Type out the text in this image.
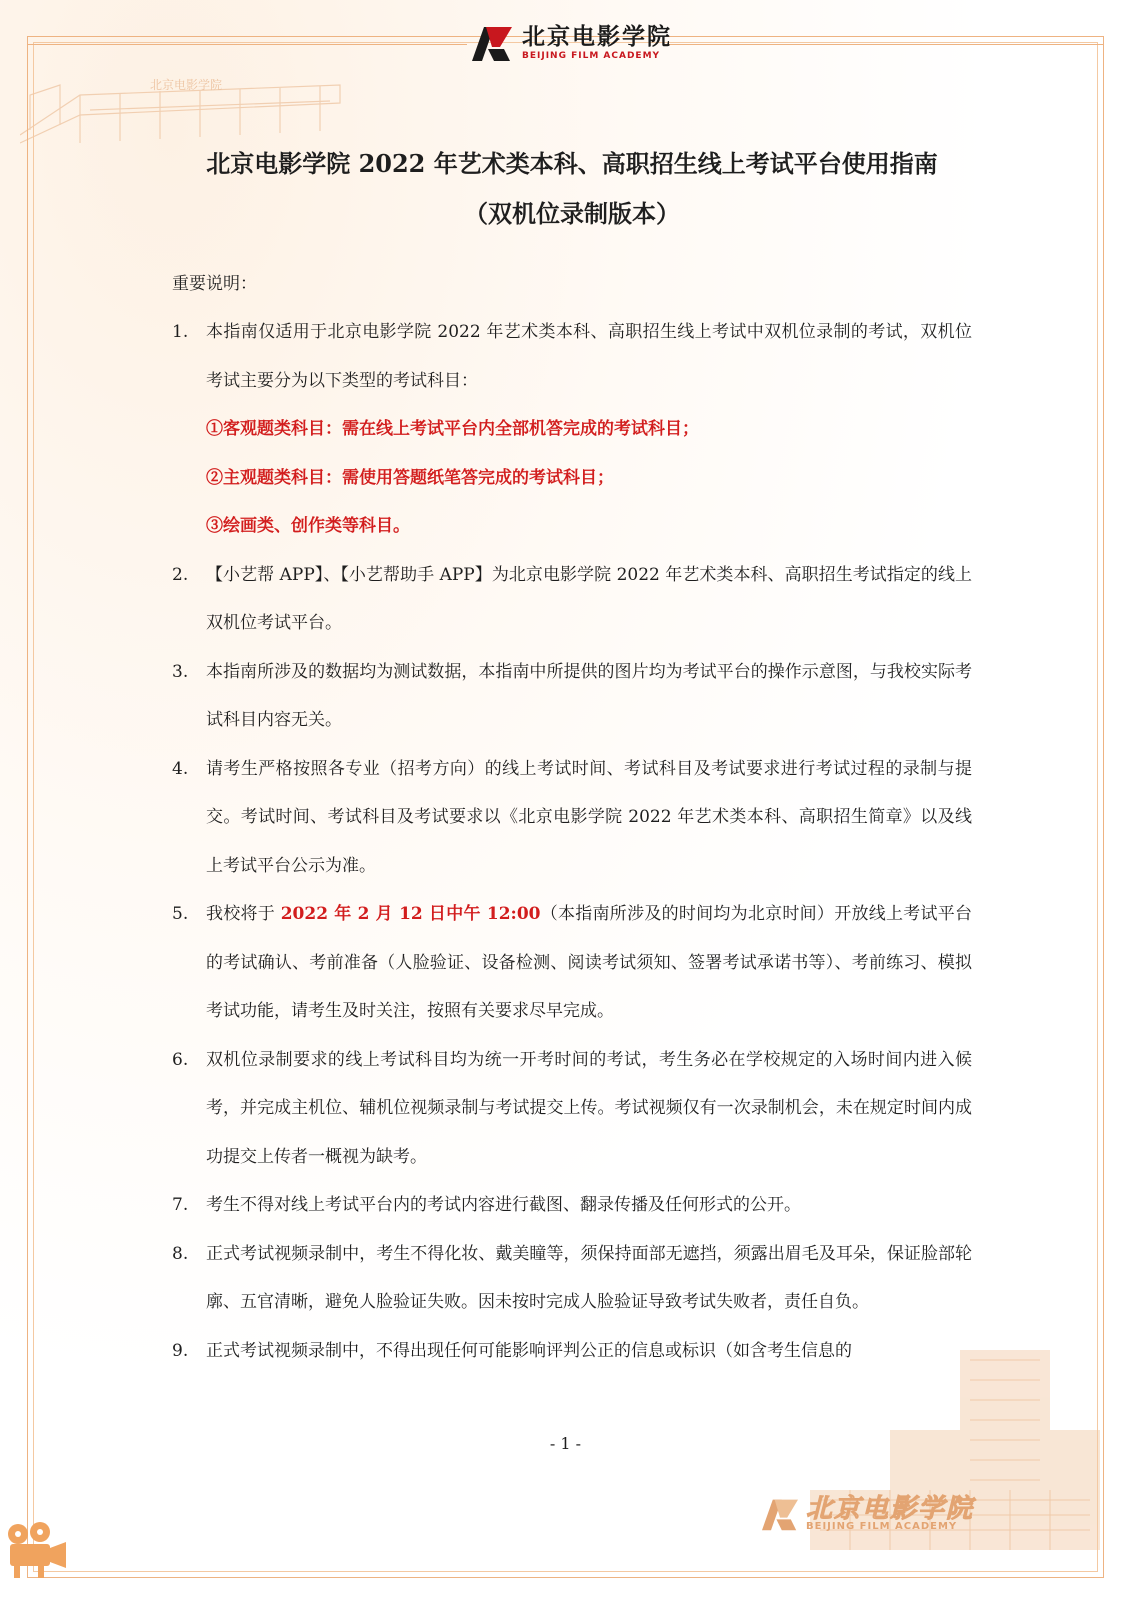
北京电影学院
北京电影学院
BEIJING FILM ACADEMY
北京电影学院 2022 年艺术类本科、高职招生线上考试平台使用指南
（双机位录制版本）
重要说明：
1. 本指南仅适用于北京电影学院 2022 年艺术类本科、高职招生线上考试中双机位录制的考试，双机位考试主要分为以下类型的考试科目：
①客观题类科目：需在线上考试平台内全部机答完成的考试科目；
②主观题类科目：需使用答题纸笔答完成的考试科目；
③绘画类、创作类等科目。
2. 【小艺帮 APP】、【小艺帮助手 APP】为北京电影学院 2022 年艺术类本科、高职招生考试指定的线上双机位考试平台。
3. 本指南所涉及的数据均为测试数据，本指南中所提供的图片均为考试平台的操作示意图，与我校实际考试科目内容无关。
4. 请考生严格按照各专业（招考方向）的线上考试时间、考试科目及考试要求进行考试过程的录制与提交。考试时间、考试科目及考试要求以《北京电影学院 2022 年艺术类本科、高职招生简章》以及线上考试平台公示为准。
5. 我校将于 2022 年 2 月 12 日中午 12:00（本指南所涉及的时间均为北京时间）开放线上考试平台的考试确认、考前准备（人脸验证、设备检测、阅读考试须知、签署考试承诺书等）、考前练习、模拟考试功能，请考生及时关注，按照有关要求尽早完成。
6. 双机位录制要求的线上考试科目均为统一开考时间的考试，考生务必在学校规定的入场时间内进入候考，并完成主机位、辅机位视频录制与考试提交上传。考试视频仅有一次录制机会，未在规定时间内成功提交上传者一概视为缺考。
7. 考生不得对线上考试平台内的考试内容进行截图、翻录传播及任何形式的公开。
8. 正式考试视频录制中，考生不得化妆、戴美瞳等，须保持面部无遮挡，须露出眉毛及耳朵，保证脸部轮廓、五官清晰，避免人脸验证失败。因未按时完成人脸验证导致考试失败者，责任自负。
9. 正式考试视频录制中，不得出现任何可能影响评判公正的信息或标识（如含考生信息的
- 1 -
北京电影学院
BEIJING FILM ACADEMY
